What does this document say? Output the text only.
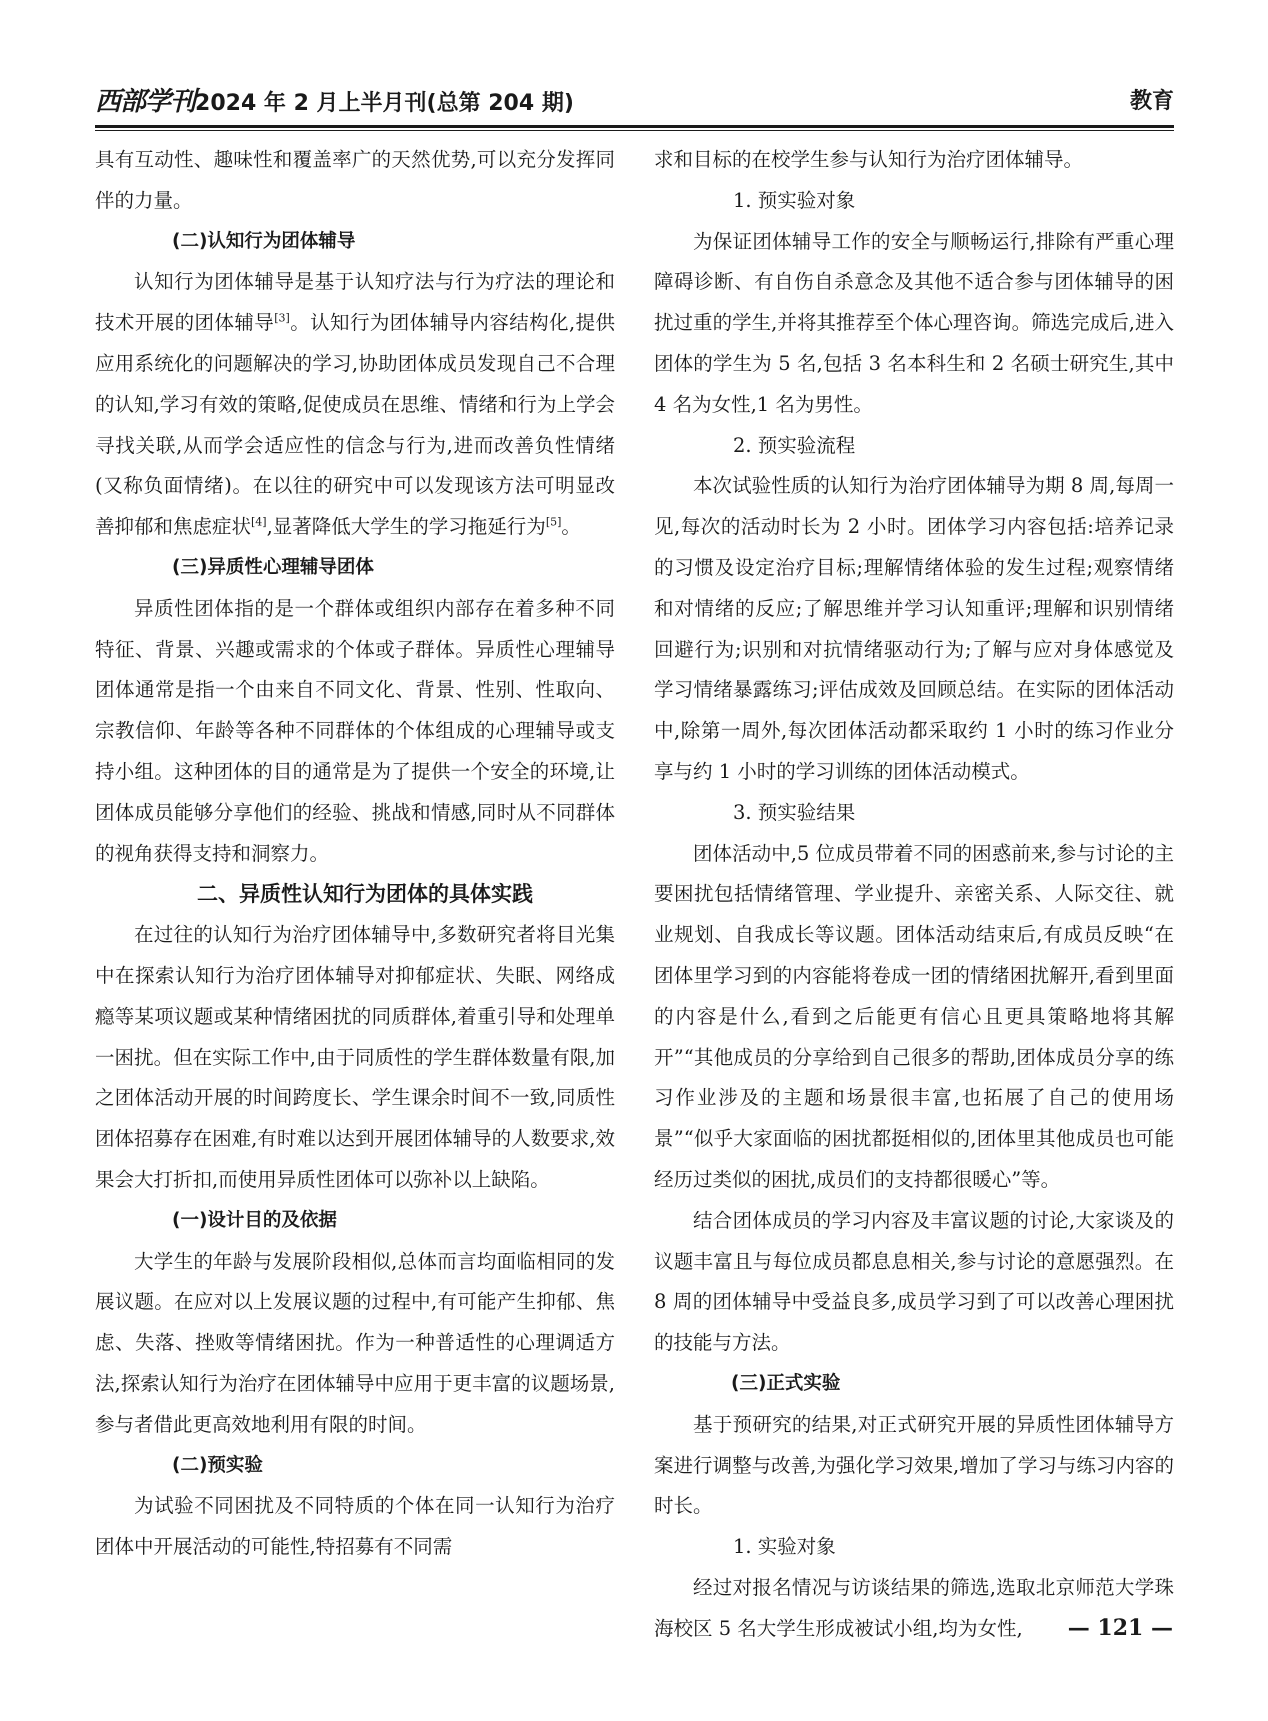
西部学刊2024 年 2 月上半月刊(总第 204 期)	教育

具有互动性、趣味性和覆盖率广的天然优势,可以充分发挥同伴的力量。

(二)认知行为团体辅导

认知行为团体辅导是基于认知疗法与行为疗法的理论和技术开展的团体辅导[3]。认知行为团体辅导内容结构化,提供应用系统化的问题解决的学习,协助团体成员发现自己不合理的认知,学习有效的策略,促使成员在思维、情绪和行为上学会寻找关联,从而学会适应性的信念与行为,进而改善负性情绪(又称负面情绪)。在以往的研究中可以发现该方法可明显改善抑郁和焦虑症状[4],显著降低大学生的学习拖延行为[5]。

(三)异质性心理辅导团体

异质性团体指的是一个群体或组织内部存在着多种不同特征、背景、兴趣或需求的个体或子群体。异质性心理辅导团体通常是指一个由来自不同文化、背景、性别、性取向、宗教信仰、年龄等各种不同群体的个体组成的心理辅导或支持小组。这种团体的目的通常是为了提供一个安全的环境,让团体成员能够分享他们的经验、挑战和情感,同时从不同群体的视角获得支持和洞察力。

二、异质性认知行为团体的具体实践

在过往的认知行为治疗团体辅导中,多数研究者将目光集中在探索认知行为治疗团体辅导对抑郁症状、失眠、网络成瘾等某项议题或某种情绪困扰的同质群体,着重引导和处理单一困扰。但在实际工作中,由于同质性的学生群体数量有限,加之团体活动开展的时间跨度长、学生课余时间不一致,同质性团体招募存在困难,有时难以达到开展团体辅导的人数要求,效果会大打折扣,而使用异质性团体可以弥补以上缺陷。

(一)设计目的及依据

大学生的年龄与发展阶段相似,总体而言均面临相同的发展议题。在应对以上发展议题的过程中,有可能产生抑郁、焦虑、失落、挫败等情绪困扰。作为一种普适性的心理调适方法,探索认知行为治疗在团体辅导中应用于更丰富的议题场景,参与者借此更高效地利用有限的时间。

(二)预实验

为试验不同困扰及不同特质的个体在同一认知行为治疗团体中开展活动的可能性,特招募有不同需

求和目标的在校学生参与认知行为治疗团体辅导。

1. 预实验对象

为保证团体辅导工作的安全与顺畅运行,排除有严重心理障碍诊断、有自伤自杀意念及其他不适合参与团体辅导的困扰过重的学生,并将其推荐至个体心理咨询。筛选完成后,进入团体的学生为 5 名,包括 3 名本科生和 2 名硕士研究生,其中 4 名为女性,1 名为男性。

2. 预实验流程

本次试验性质的认知行为治疗团体辅导为期 8 周,每周一见,每次的活动时长为 2 小时。团体学习内容包括:培养记录的习惯及设定治疗目标;理解情绪体验的发生过程;观察情绪和对情绪的反应;了解思维并学习认知重评;理解和识别情绪回避行为;识别和对抗情绪驱动行为;了解与应对身体感觉及学习情绪暴露练习;评估成效及回顾总结。在实际的团体活动中,除第一周外,每次团体活动都采取约 1 小时的练习作业分享与约 1 小时的学习训练的团体活动模式。

3. 预实验结果

团体活动中,5 位成员带着不同的困惑前来,参与讨论的主要困扰包括情绪管理、学业提升、亲密关系、人际交往、就业规划、自我成长等议题。团体活动结束后,有成员反映“在团体里学习到的内容能将卷成一团的情绪困扰解开,看到里面的内容是什么,看到之后能更有信心且更具策略地将其解开”“其他成员的分享给到自己很多的帮助,团体成员分享的练习作业涉及的主题和场景很丰富,也拓展了自己的使用场景”“似乎大家面临的困扰都挺相似的,团体里其他成员也可能经历过类似的困扰,成员们的支持都很暖心”等。

结合团体成员的学习内容及丰富议题的讨论,大家谈及的议题丰富且与每位成员都息息相关,参与讨论的意愿强烈。在 8 周的团体辅导中受益良多,成员学习到了可以改善心理困扰的技能与方法。

(三)正式实验

基于预研究的结果,对正式研究开展的异质性团体辅导方案进行调整与改善,为强化学习效果,增加了学习与练习内容的时长。

1. 实验对象

经过对报名情况与访谈结果的筛选,选取北京师范大学珠海校区 5 名大学生形成被试小组,均为女性,	— 121 —
